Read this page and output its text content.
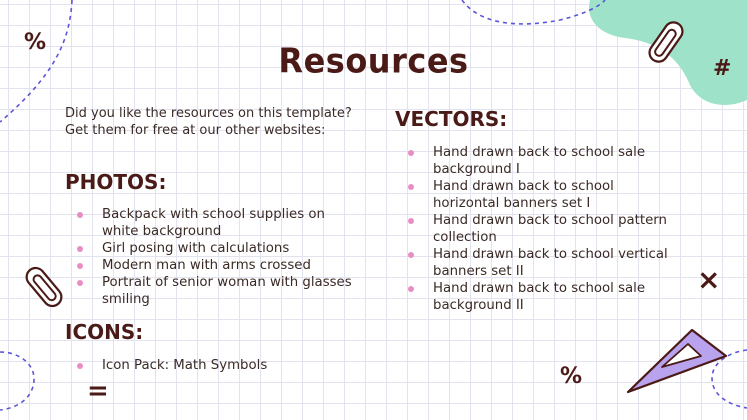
%
#
×
%
=
Resources
Did you like the resources on this template? Get them for free at our other websites:
PHOTOS:
Backpack with school supplies on white background
Girl posing with calculations
Modern man with arms crossed
Portrait of senior woman with glasses smiling
ICONS:
Icon Pack: Math Symbols
VECTORS:
Hand drawn back to school sale background I
Hand drawn back to school horizontal banners set I
Hand drawn back to school pattern collection
Hand drawn back to school vertical banners set II
Hand drawn back to school sale background II
